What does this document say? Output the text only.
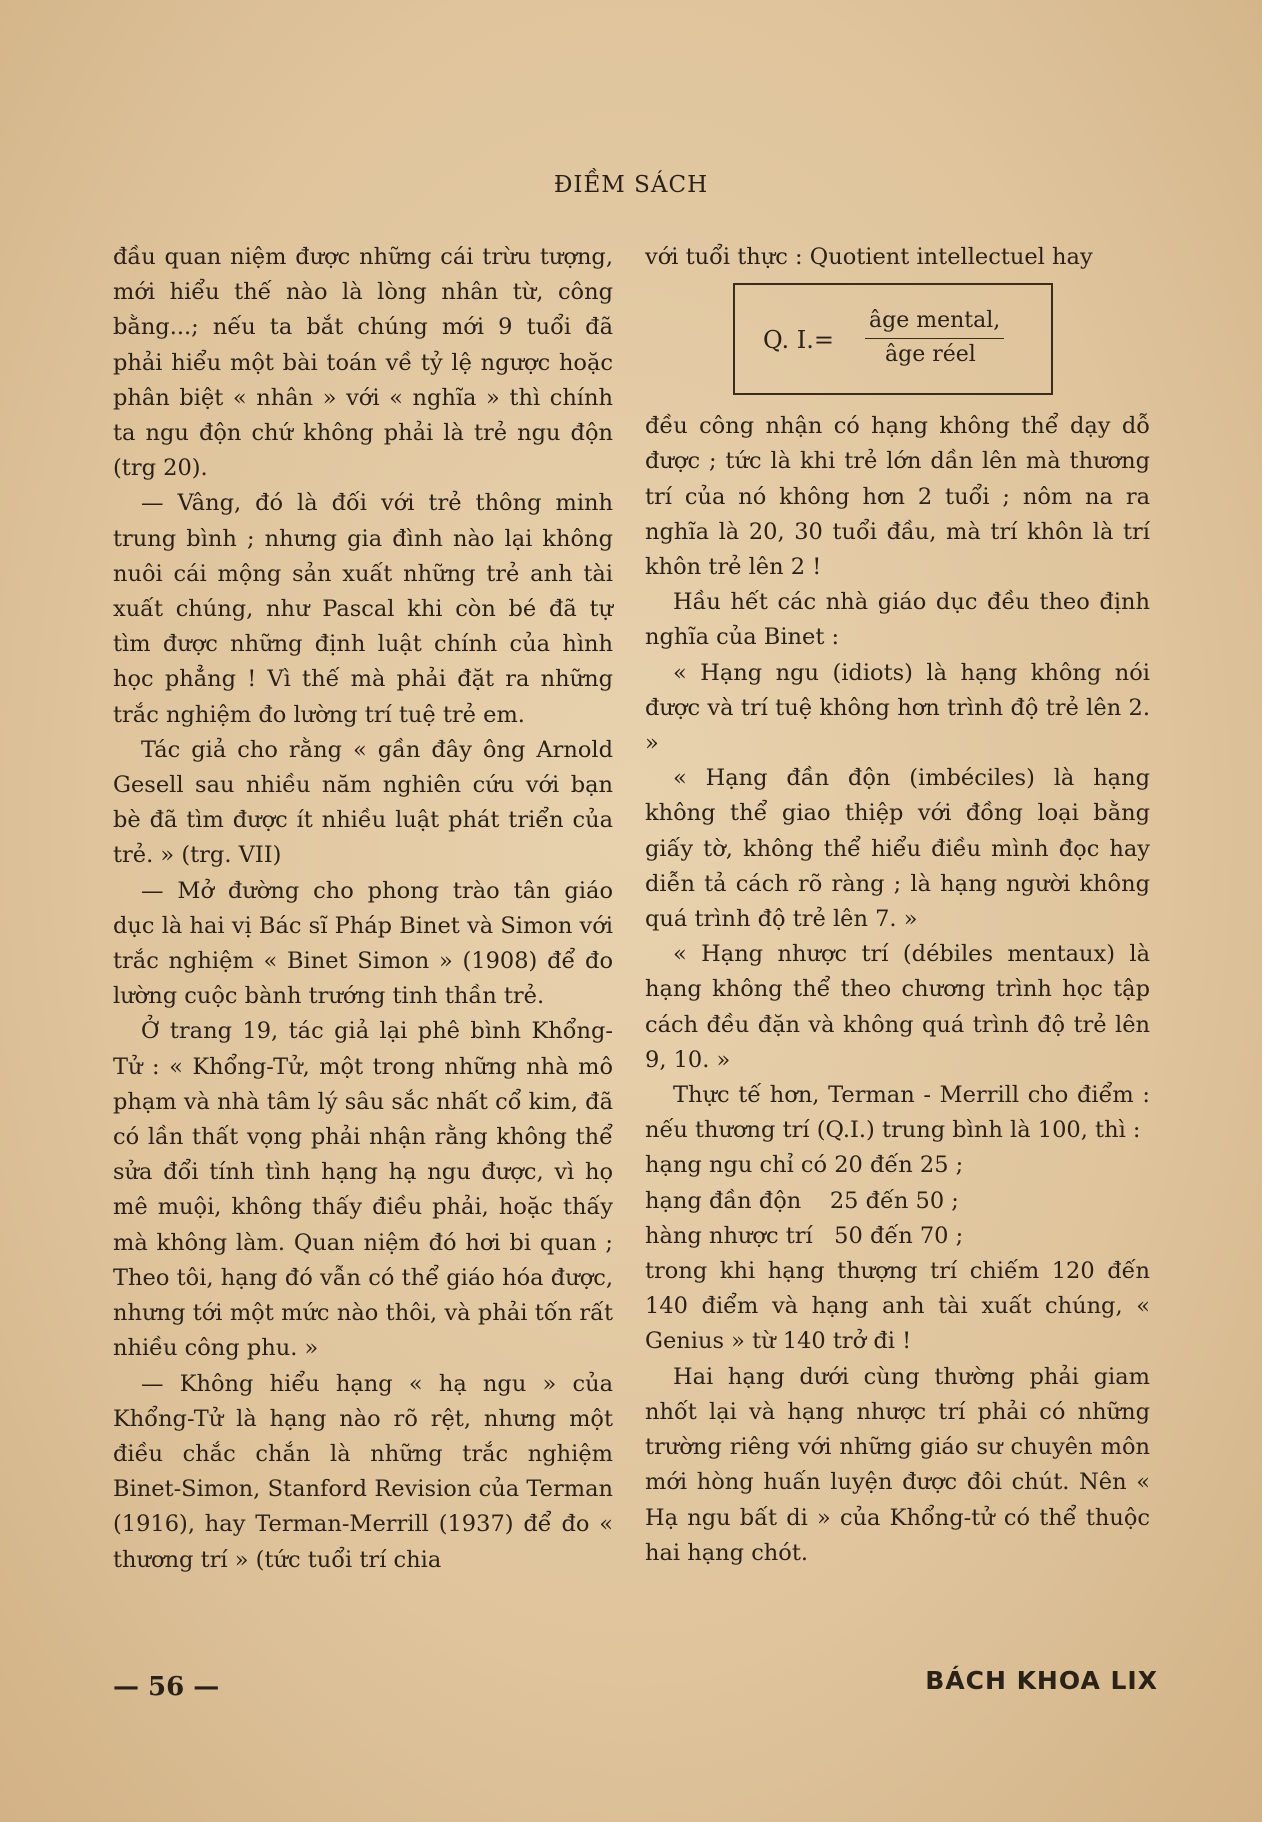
ĐIỀM SÁCH

đầu quan niệm được những cái trừu tượng, mới hiểu thế nào là lòng nhân từ, công bằng...; nếu ta bắt chúng mới 9 tuổi đã phải hiểu một bài toán về tỷ lệ ngược hoặc phân biệt « nhân » với « nghĩa » thì chính ta ngu độn chứ không phải là trẻ ngu độn (trg 20).

— Vâng, đó là đối với trẻ thông minh trung bình ; nhưng gia đình nào lại không nuôi cái mộng sản xuất những trẻ anh tài xuất chúng, như Pascal khi còn bé đã tự tìm được những định luật chính của hình học phẳng ! Vì thế mà phải đặt ra những trắc nghiệm đo lường trí tuệ trẻ em.

Tác giả cho rằng « gần đây ông Arnold Gesell sau nhiều năm nghiên cứu với bạn bè đã tìm được ít nhiều luật phát triển của trẻ. » (trg. VII)

— Mở đường cho phong trào tân giáo dục là hai vị Bác sĩ Pháp Binet và Simon với trắc nghiệm « Binet Simon » (1908) để đo lường cuộc bành trướng tinh thần trẻ.

Ở trang 19, tác giả lại phê bình Khổng-Tử : « Khổng-Tử, một trong những nhà mô phạm và nhà tâm lý sâu sắc nhất cổ kim, đã có lần thất vọng phải nhận rằng không thể sửa đổi tính tình hạng hạ ngu được, vì họ mê muội, không thấy điều phải, hoặc thấy mà không làm. Quan niệm đó hơi bi quan ; Theo tôi, hạng đó vẫn có thể giáo hóa được, nhưng tới một mức nào thôi, và phải tốn rất nhiều công phu. »

— Không hiểu hạng « hạ ngu » của Khổng-Tử là hạng nào rõ rệt, nhưng một điều chắc chắn là những trắc nghiệm Binet-Simon, Stanford Revision của Terman (1916), hay Terman-Merrill (1937) để đo « thương trí » (tức tuổi trí chia

với tuổi thực : Quotient intellectuel hay

Q. I.=
âge mental,
âge réel

đều công nhận có hạng không thể dạy dỗ được ; tức là khi trẻ lớn dần lên mà thương trí của nó không hơn 2 tuổi ; nôm na ra nghĩa là 20, 30 tuổi đầu, mà trí khôn là trí khôn trẻ lên 2 !

Hầu hết các nhà giáo dục đều theo định nghĩa của Binet :

« Hạng ngu (idiots) là hạng không nói được và trí tuệ không hơn trình độ trẻ lên 2. »

« Hạng đần độn (imbéciles) là hạng không thể giao thiệp với đồng loại bằng giấy tờ, không thể hiểu điều mình đọc hay diễn tả cách rõ ràng ; là hạng người không quá trình độ trẻ lên 7. »

« Hạng nhược trí (débiles mentaux) là hạng không thể theo chương trình học tập cách đều đặn và không quá trình độ trẻ lên 9, 10. »

Thực tế hơn, Terman - Merrill cho điểm : nếu thương trí (Q.I.) trung bình là 100, thì :

hạng ngu chỉ có 20 đến 25 ;

hạng đần độn    25 đến 50 ;

hàng nhược trí   50 đến 70 ;

trong khi hạng thượng trí chiếm 120 đến 140 điểm và hạng anh tài xuất chúng, « Genius » từ 140 trở đi !

Hai hạng dưới cùng thường phải giam nhốt lại và hạng nhược trí phải có những trường riêng với những giáo sư chuyên môn mới hòng huấn luyện được đôi chút. Nên « Hạ ngu bất di » của Khổng-tử có thể thuộc hai hạng chót.

— 56 —	BÁCH KHOA LIX
